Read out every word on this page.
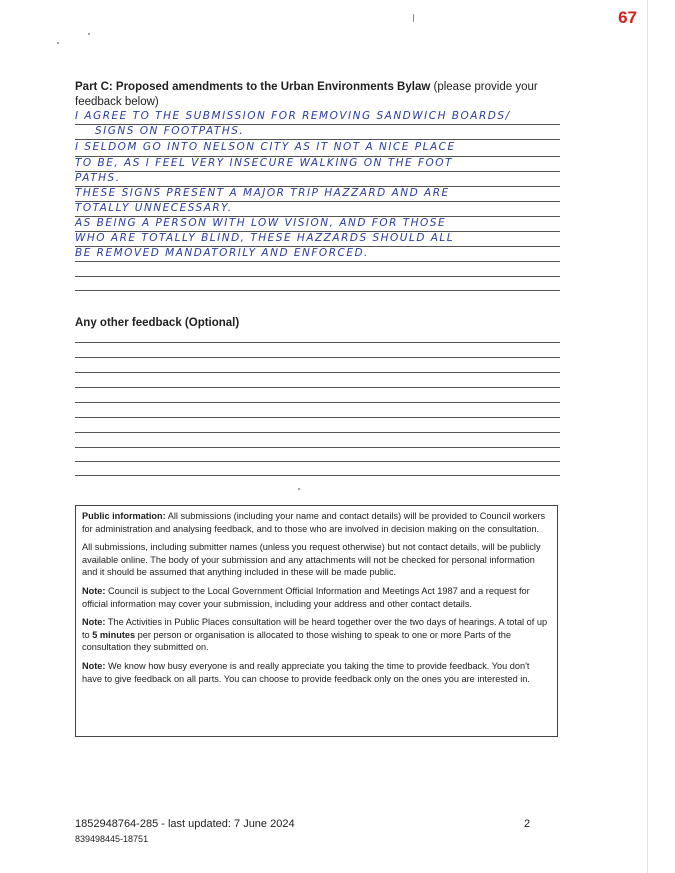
67
Part C: Proposed amendments to the Urban Environments Bylaw (please provide your feedback below)
I AGREE TO THE SUBMISSION FOR REMOVING SANDWICH BOARDS/
SIGNS ON FOOTPATHS.
I SELDOM GO INTO NELSON CITY AS IT NOT A NICE PLACE
TO BE, AS I FEEL VERY INSECURE WALKING ON THE FOOT
PATHS.
THESE SIGNS PRESENT A MAJOR TRIP HAZZARD AND ARE
TOTALLY UNNECESSARY.
AS BEING A PERSON WITH LOW VISION, AND FOR THOSE
WHO ARE TOTALLY BLIND, THESE HAZZARDS SHOULD ALL
BE REMOVED MANDATORILY AND ENFORCED.
Any other feedback (Optional)

Public information: All submissions (including your name and contact details) will be provided to Council workers for administration and analysing feedback, and to those who are involved in decision making on the consultation.

All submissions, including submitter names (unless you request otherwise) but not contact details, will be publicly available online. The body of your submission and any attachments will not be checked for personal information and it should be assumed that anything included in these will be made public.

Note: Council is subject to the Local Government Official Information and Meetings Act 1987 and a request for official information may cover your submission, including your address and other contact details.

Note: The Activities in Public Places consultation will be heard together over the two days of hearings. A total of up to 5 minutes per person or organisation is allocated to those wishing to speak to one or more Parts of the consultation they submitted on.

Note: We know how busy everyone is and really appreciate you taking the time to provide feedback. You don't have to give feedback on all parts. You can choose to provide feedback only on the ones you are interested in.

1852948764-285 - last updated: 7 June 2024	2
839498445-18751
